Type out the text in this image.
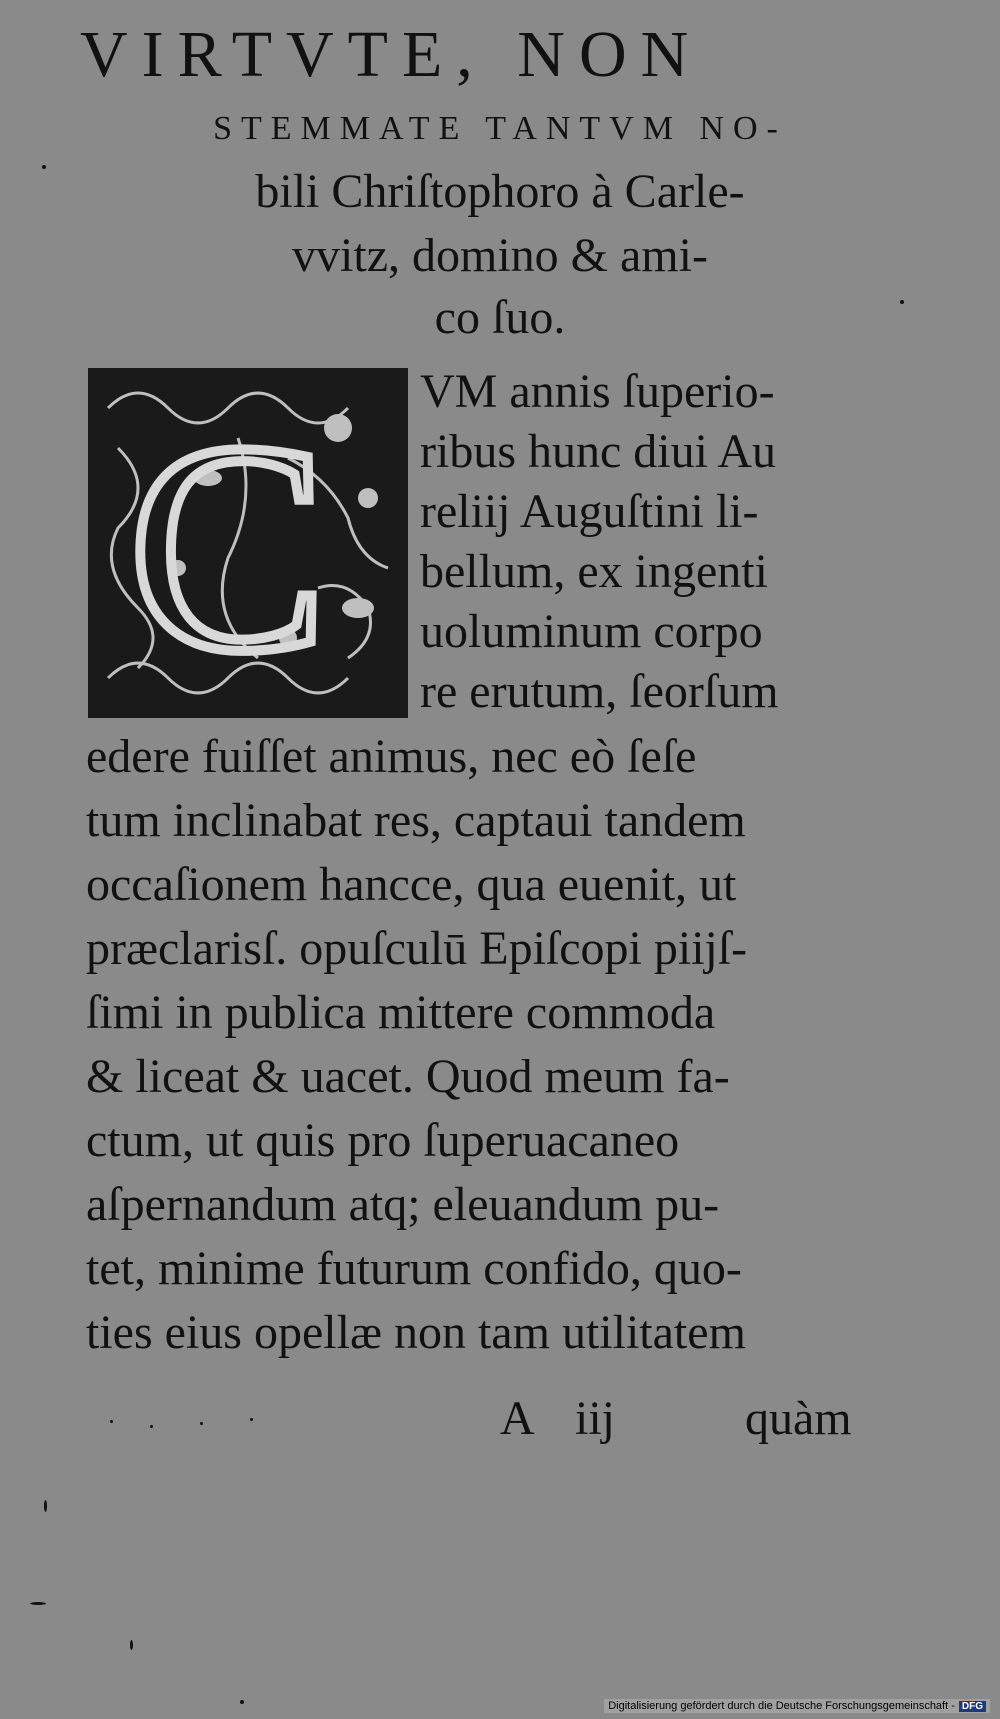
VIRTVTE, NON
STEMMATE TANTVM NO‑
bili Chriſtophoro à Carle‑
vvitz, domino & ami‑
co ſuo.
C VM annis ſuperio‑
ribus hunc diui Au
reliĳ Auguſtini li‑
bellum, ex ingenti
uoluminum corpo
re erutum, ſeorſum
edere fuiſſet animus, nec eò ſeſe
tum inclinabat res, captaui tandem
occaſionem hancce, qua euenit, ut
præclarisſ. opuſculū Epiſcopi piĳſ‑
ſimi in publica mittere commoda
& liceat & uacet. Quod meum fa‑
ctum, ut quis pro ſuperuacaneo
aſpernandum atq; eleuandum pu‑
tet, minime futurum confido, quo‑
ties eius opellæ non tam utilitatem
A iĳ	quàm
Digitalisierung gefördert durch die Deutsche Forschungsgemeinschaft - DFG
